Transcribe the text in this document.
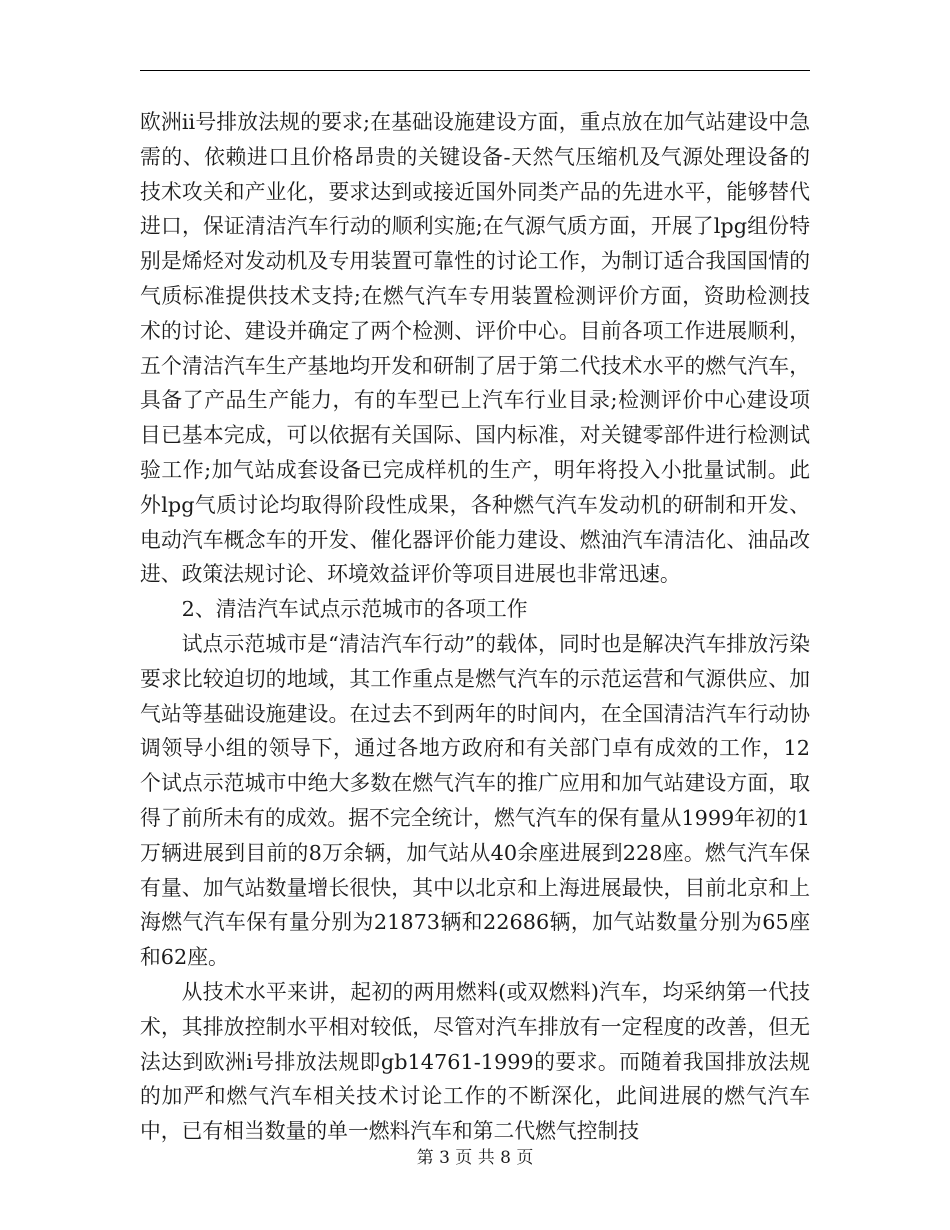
欧洲ii号排放法规的要求;在基础设施建设方面，重点放在加气站建设中急需的、依赖进口且价格昂贵的关键设备-天然气压缩机及气源处理设备的技术攻关和产业化，要求达到或接近国外同类产品的先进水平，能够替代进口，保证清洁汽车行动的顺利实施;在气源气质方面，开展了lpg组份特别是烯烃对发动机及专用装置可靠性的讨论工作，为制订适合我国国情的气质标准提供技术支持;在燃气汽车专用装置检测评价方面，资助检测技术的讨论、建设并确定了两个检测、评价中心。目前各项工作进展顺利，五个清洁汽车生产基地均开发和研制了居于第二代技术水平的燃气汽车，具备了产品生产能力，有的车型已上汽车行业目录;检测评价中心建设项目已基本完成，可以依据有关国际、国内标准，对关键零部件进行检测试验工作;加气站成套设备已完成样机的生产，明年将投入小批量试制。此外lpg气质讨论均取得阶段性成果，各种燃气汽车发动机的研制和开发、电动汽车概念车的开发、催化器评价能力建设、燃油汽车清洁化、油品改进、政策法规讨论、环境效益评价等项目进展也非常迅速。

2、清洁汽车试点示范城市的各项工作

试点示范城市是“清洁汽车行动”的载体，同时也是解决汽车排放污染要求比较迫切的地域，其工作重点是燃气汽车的示范运营和气源供应、加气站等基础设施建设。在过去不到两年的时间内，在全国清洁汽车行动协调领导小组的领导下，通过各地方政府和有关部门卓有成效的工作，12个试点示范城市中绝大多数在燃气汽车的推广应用和加气站建设方面，取得了前所未有的成效。据不完全统计，燃气汽车的保有量从1999年初的1万辆进展到目前的8万余辆，加气站从40余座进展到228座。燃气汽车保有量、加气站数量增长很快，其中以北京和上海进展最快，目前北京和上海燃气汽车保有量分别为21873辆和22686辆，加气站数量分别为65座和62座。

从技术水平来讲，起初的两用燃料(或双燃料)汽车，均采纳第一代技术，其排放控制水平相对较低，尽管对汽车排放有一定程度的改善，但无法达到欧洲i号排放法规即gb14761-1999的要求。而随着我国排放法规的加严和燃气汽车相关技术讨论工作的不断深化，此间进展的燃气汽车中，已有相当数量的单一燃料汽车和第二代燃气控制技

第 3 页 共 8 页
